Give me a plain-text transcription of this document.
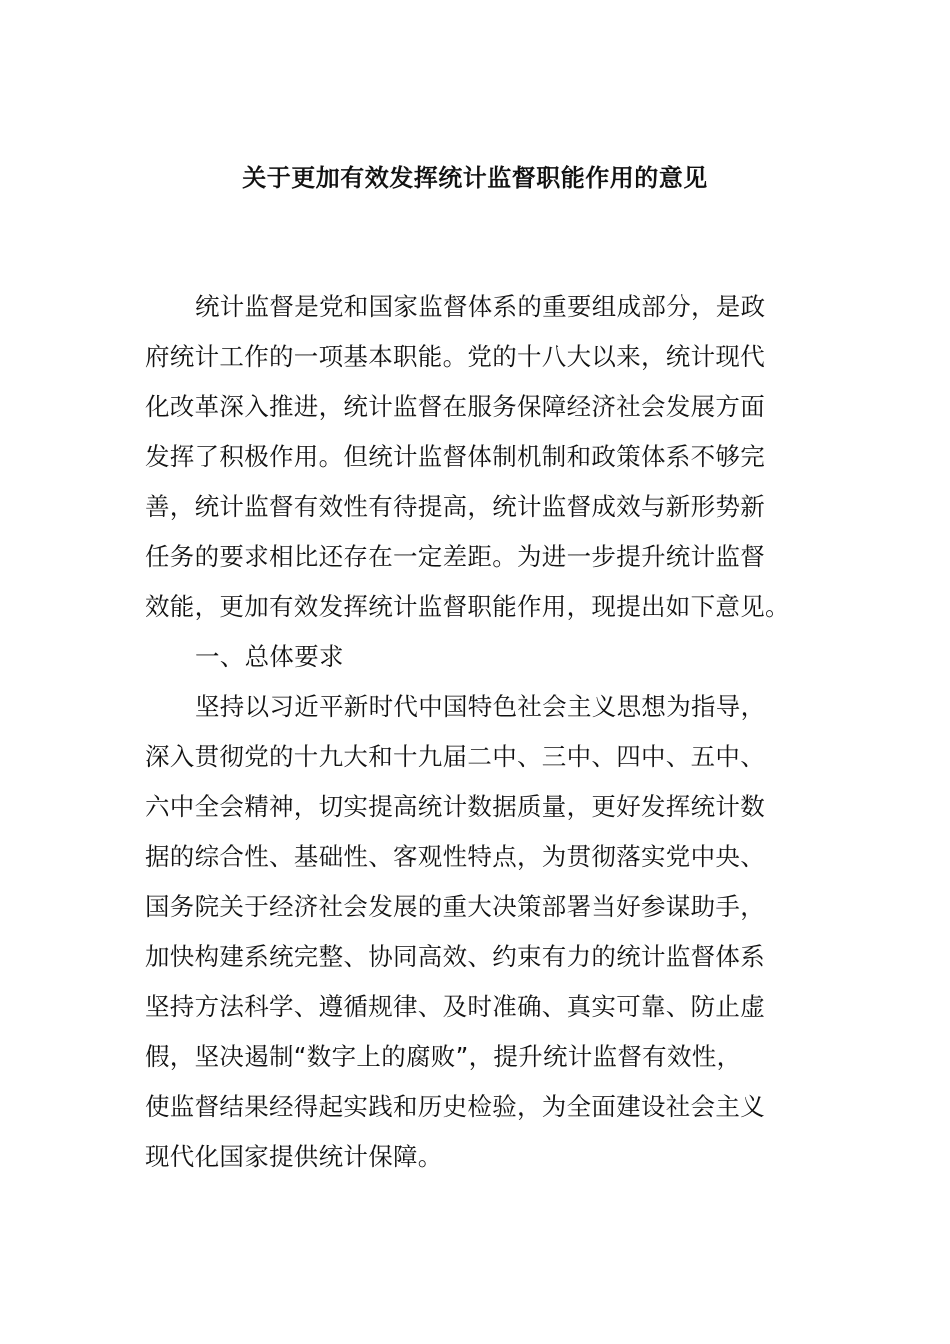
关于更加有效发挥统计监督职能作用的意见
统计监督是党和国家监督体系的重要组成部分，是政
府统计工作的一项基本职能。党的十八大以来，统计现代
化改革深入推进，统计监督在服务保障经济社会发展方面
发挥了积极作用。但统计监督体制机制和政策体系不够完
善，统计监督有效性有待提高，统计监督成效与新形势新
任务的要求相比还存在一定差距。为进一步提升统计监督
效能，更加有效发挥统计监督职能作用，现提出如下意见。
一、总体要求
坚持以习近平新时代中国特色社会主义思想为指导，
深入贯彻党的十九大和十九届二中、三中、四中、五中、
六中全会精神，切实提高统计数据质量，更好发挥统计数
据的综合性、基础性、客观性特点，为贯彻落实党中央、
国务院关于经济社会发展的重大决策部署当好参谋助手，
加快构建系统完整、协同高效、约束有力的统计监督体系
坚持方法科学、遵循规律、及时准确、真实可靠、防止虚
假，坚决遏制“数字上的腐败”，提升统计监督有效性，
使监督结果经得起实践和历史检验，为全面建设社会主义
现代化国家提供统计保障。
